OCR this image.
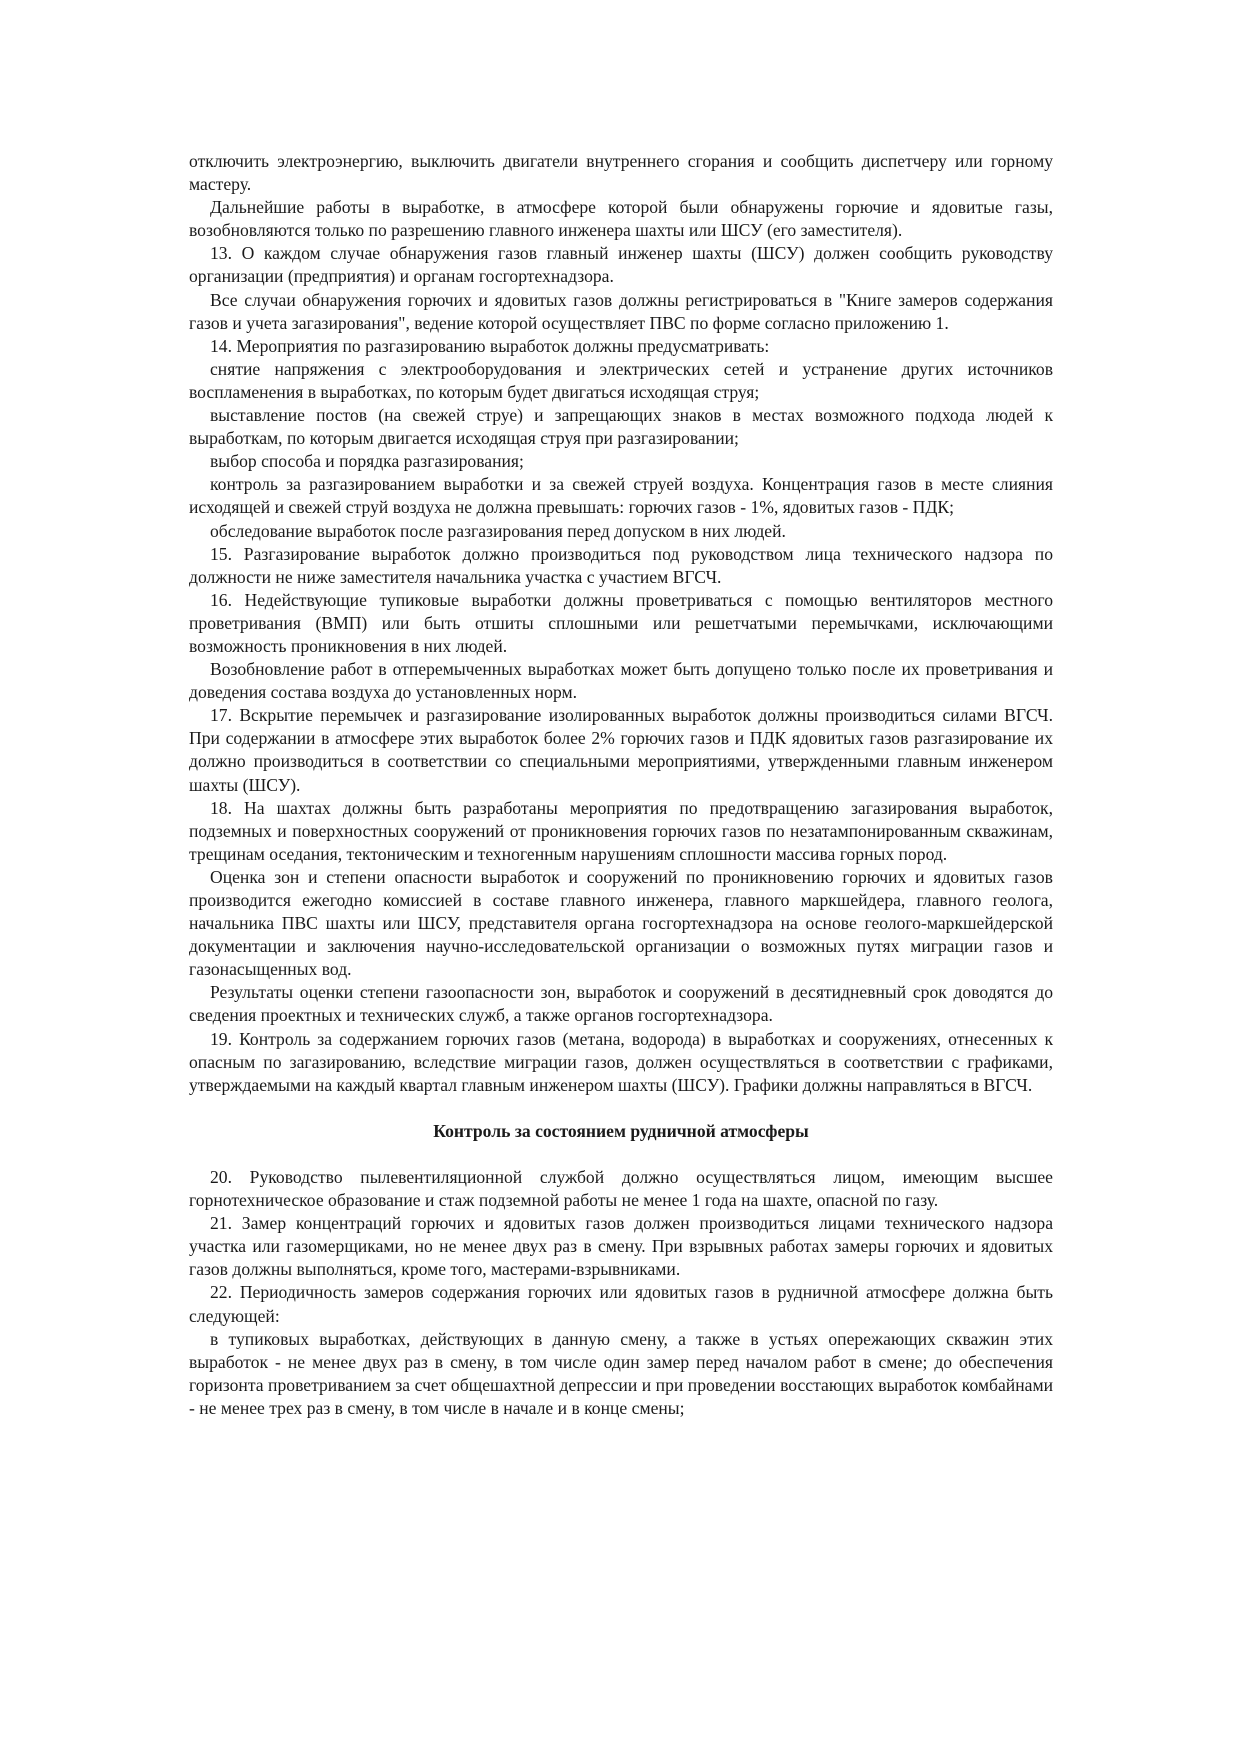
отключить электроэнергию, выключить двигатели внутреннего сгорания и сообщить диспетчеру или горному мастеру.

Дальнейшие работы в выработке, в атмосфере которой были обнаружены горючие и ядовитые газы, возобновляются только по разрешению главного инженера шахты или ШСУ (его заместителя).

13. О каждом случае обнаружения газов главный инженер шахты (ШСУ) должен сообщить руководству организации (предприятия) и органам госгортехнадзора.

Все случаи обнаружения горючих и ядовитых газов должны регистрироваться в "Книге замеров содержания газов и учета загазирования", ведение которой осуществляет ПВС по форме согласно приложению 1.

14. Мероприятия по разгазированию выработок должны предусматривать:

снятие напряжения с электрооборудования и электрических сетей и устранение других источников воспламенения в выработках, по которым будет двигаться исходящая струя;

выставление постов (на свежей струе) и запрещающих знаков в местах возможного подхода людей к выработкам, по которым двигается исходящая струя при разгазировании;

выбор способа и порядка разгазирования;

контроль за разгазированием выработки и за свежей струей воздуха. Концентрация газов в месте слияния исходящей и свежей струй воздуха не должна превышать: горючих газов - 1%, ядовитых газов - ПДК;

обследование выработок после разгазирования перед допуском в них людей.

15. Разгазирование выработок должно производиться под руководством лица технического надзора по должности не ниже заместителя начальника участка с участием ВГСЧ.

16. Недействующие тупиковые выработки должны проветриваться с помощью вентиляторов местного проветривания (ВМП) или быть отшиты сплошными или решетчатыми перемычками, исключающими возможность проникновения в них людей.

Возобновление работ в отперемыченных выработках может быть допущено только после их проветривания и доведения состава воздуха до установленных норм.

17. Вскрытие перемычек и разгазирование изолированных выработок должны производиться силами ВГСЧ. При содержании в атмосфере этих выработок более 2% горючих газов и ПДК ядовитых газов разгазирование их должно производиться в соответствии со специальными мероприятиями, утвержденными главным инженером шахты (ШСУ).

18. На шахтах должны быть разработаны мероприятия по предотвращению загазирования выработок, подземных и поверхностных сооружений от проникновения горючих газов по незатампонированным скважинам, трещинам оседания, тектоническим и техногенным нарушениям сплошности массива горных пород.

Оценка зон и степени опасности выработок и сооружений по проникновению горючих и ядовитых газов производится ежегодно комиссией в составе главного инженера, главного маркшейдера, главного геолога, начальника ПВС шахты или ШСУ, представителя органа госгортехнадзора на основе геолого-маркшейдерской документации и заключения научно-исследовательской организации о возможных путях миграции газов и газонасыщенных вод.

Результаты оценки степени газоопасности зон, выработок и сооружений в десятидневный срок доводятся до сведения проектных и технических служб, а также органов госгортехнадзора.

19. Контроль за содержанием горючих газов (метана, водорода) в выработках и сооружениях, отнесенных к опасным по загазированию, вследствие миграции газов, должен осуществляться в соответствии с графиками, утверждаемыми на каждый квартал главным инженером шахты (ШСУ). Графики должны направляться в ВГСЧ.

Контроль за состоянием рудничной атмосферы

20. Руководство пылевентиляционной службой должно осуществляться лицом, имеющим высшее горнотехническое образование и стаж подземной работы не менее 1 года на шахте, опасной по газу.

21. Замер концентраций горючих и ядовитых газов должен производиться лицами технического надзора участка или газомерщиками, но не менее двух раз в смену. При взрывных работах замеры горючих и ядовитых газов должны выполняться, кроме того, мастерами-взрывниками.

22. Периодичность замеров содержания горючих или ядовитых газов в рудничной атмосфере должна быть следующей:

в тупиковых выработках, действующих в данную смену, а также в устьях опережающих скважин этих выработок - не менее двух раз в смену, в том числе один замер перед началом работ в смене; до обеспечения горизонта проветриванием за счет общешахтной депрессии и при проведении восстающих выработок комбайнами - не менее трех раз в смену, в том числе в начале и в конце смены;
